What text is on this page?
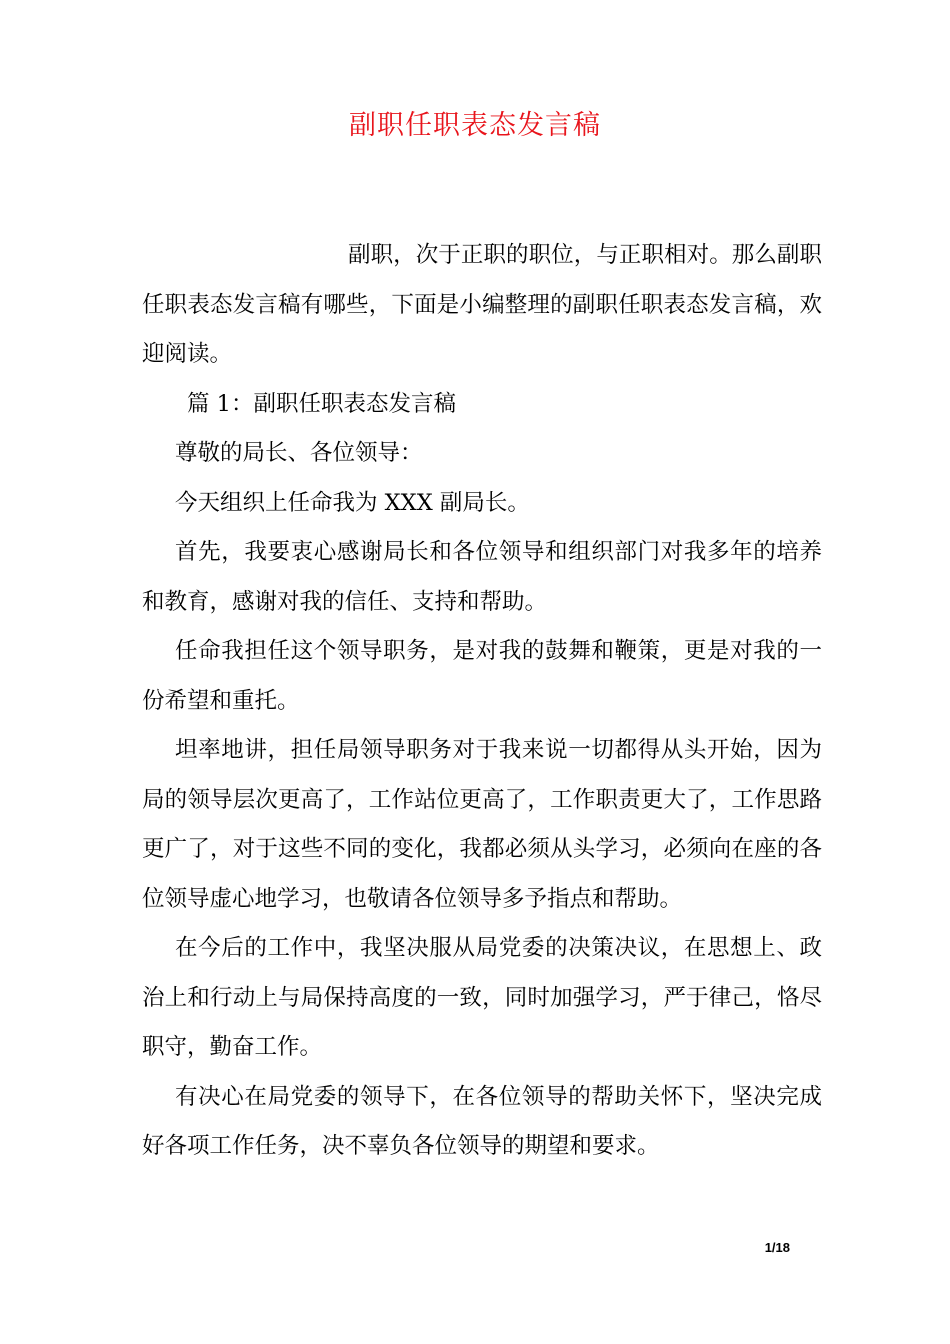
副职任职表态发言稿

副职，次于正职的职位，与正职相对。那么副职任职表态发言稿有哪些，下面是小编整理的副职任职表态发言稿，欢迎阅读。

篇 1：副职任职表态发言稿

尊敬的局长、各位领导：

今天组织上任命我为 XXX 副局长。

首先，我要衷心感谢局长和各位领导和组织部门对我多年的培养和教育，感谢对我的信任、支持和帮助。

任命我担任这个领导职务，是对我的鼓舞和鞭策，更是对我的一份希望和重托。

坦率地讲，担任局领导职务对于我来说一切都得从头开始，因为局的领导层次更高了，工作站位更高了，工作职责更大了，工作思路更广了，对于这些不同的变化，我都必须从头学习，必须向在座的各位领导虚心地学习，也敬请各位领导多予指点和帮助。

在今后的工作中，我坚决服从局党委的决策决议，在思想上、政治上和行动上与局保持高度的一致，同时加强学习，严于律己，恪尽职守，勤奋工作。

有决心在局党委的领导下，在各位领导的帮助关怀下，坚决完成好各项工作任务，决不辜负各位领导的期望和要求。

1/18
